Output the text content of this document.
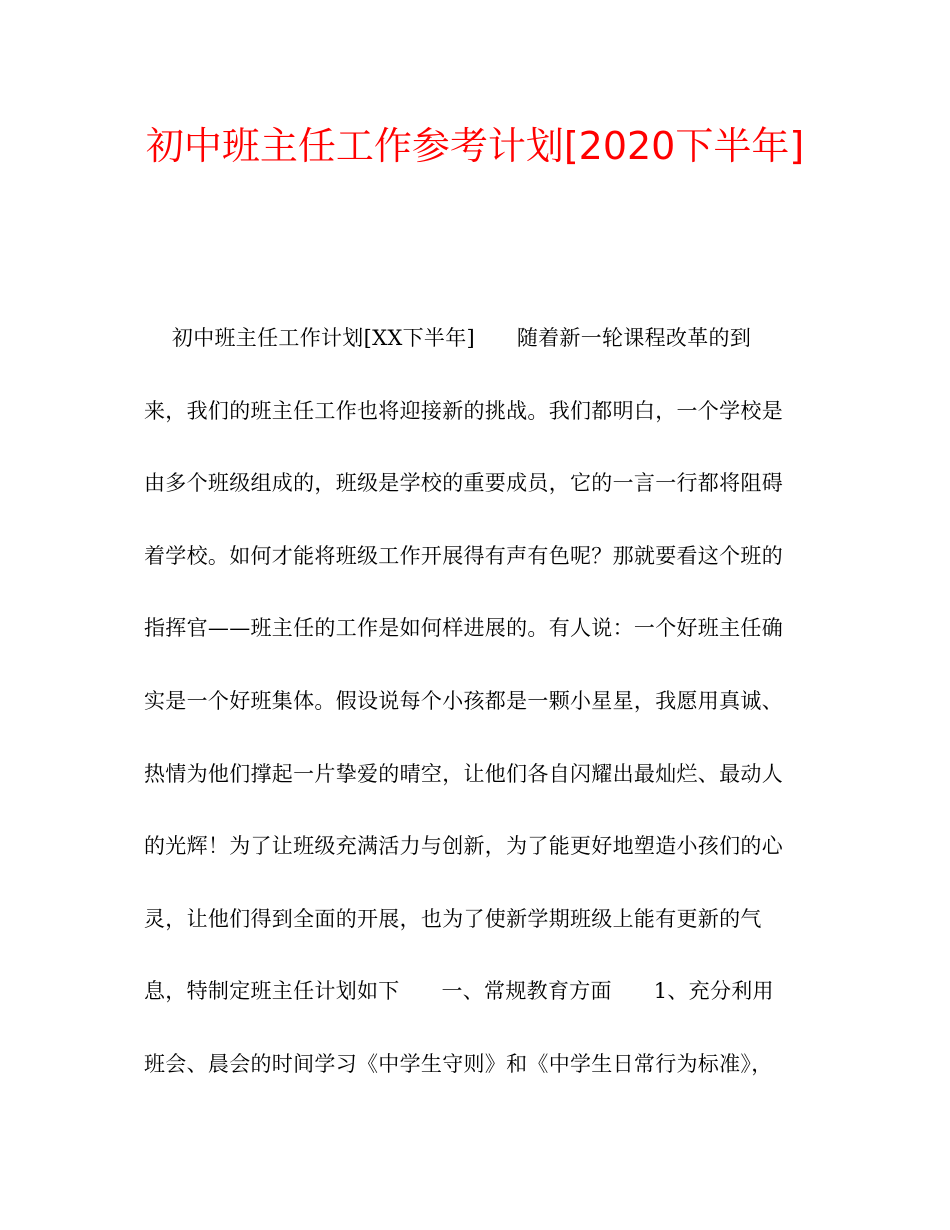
初中班主任工作参考计划[2020下半年]
初中班主任工作计划[XX下半年]      随着新一轮课程改革的到
来，我们的班主任工作也将迎接新的挑战。我们都明白，一个学校是
由多个班级组成的，班级是学校的重要成员，它的一言一行都将阻碍
着学校。如何才能将班级工作开展得有声有色呢？那就要看这个班的
指挥官——班主任的工作是如何样进展的。有人说：一个好班主任确
实是一个好班集体。假设说每个小孩都是一颗小星星，我愿用真诚、
热情为他们撑起一片挚爱的晴空，让他们各自闪耀出最灿烂、最动人
的光辉！为了让班级充满活力与创新，为了能更好地塑造小孩们的心
灵，让他们得到全面的开展，也为了使新学期班级上能有更新的气
息，特制定班主任计划如下      一、常规教育方面      1、充分利用
班会、晨会的时间学习《中学生守则》和《中学生日常行为标准》，
